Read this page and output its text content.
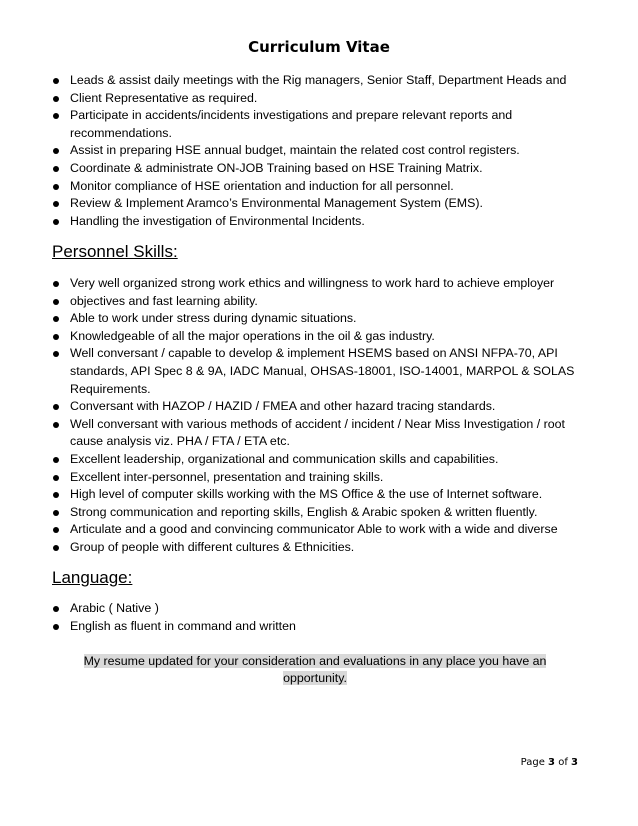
Curriculum Vitae
Leads & assist daily meetings with the Rig managers, Senior Staff, Department Heads and
Client Representative as required.
Participate in accidents/incidents investigations and prepare relevant reports and recommendations.
Assist in preparing HSE annual budget, maintain the related cost control registers.
Coordinate & administrate ON-JOB Training based on HSE Training Matrix.
Monitor compliance of HSE orientation and induction for all personnel.
Review & Implement Aramco’s Environmental Management System (EMS).
Handling the investigation of Environmental Incidents.
Personnel Skills:
Very well organized strong work ethics and willingness to work hard to achieve employer
objectives and fast learning ability.
Able to work under stress during dynamic situations.
Knowledgeable of all the major operations in the oil & gas industry.
Well conversant / capable to develop & implement HSEMS based on ANSI NFPA-70, API standards, API Spec 8 & 9A, IADC Manual, OHSAS-18001, ISO-14001, MARPOL & SOLAS Requirements.
Conversant with HAZOP / HAZID / FMEA and other hazard tracing standards.
Well conversant with various methods of accident / incident / Near Miss Investigation / root cause analysis viz. PHA / FTA / ETA etc.
Excellent leadership, organizational and communication skills and capabilities.
Excellent inter-personnel, presentation and training skills.
High level of computer skills working with the MS Office & the use of Internet software.
Strong communication and reporting skills, English & Arabic spoken & written fluently.
Articulate and a good and convincing communicator Able to work with a wide and diverse
Group of people with different cultures & Ethnicities.
Language:
Arabic ( Native )
English as fluent in command and written
My resume updated for your consideration and evaluations in any place you have an opportunity.
Page 3 of 3
